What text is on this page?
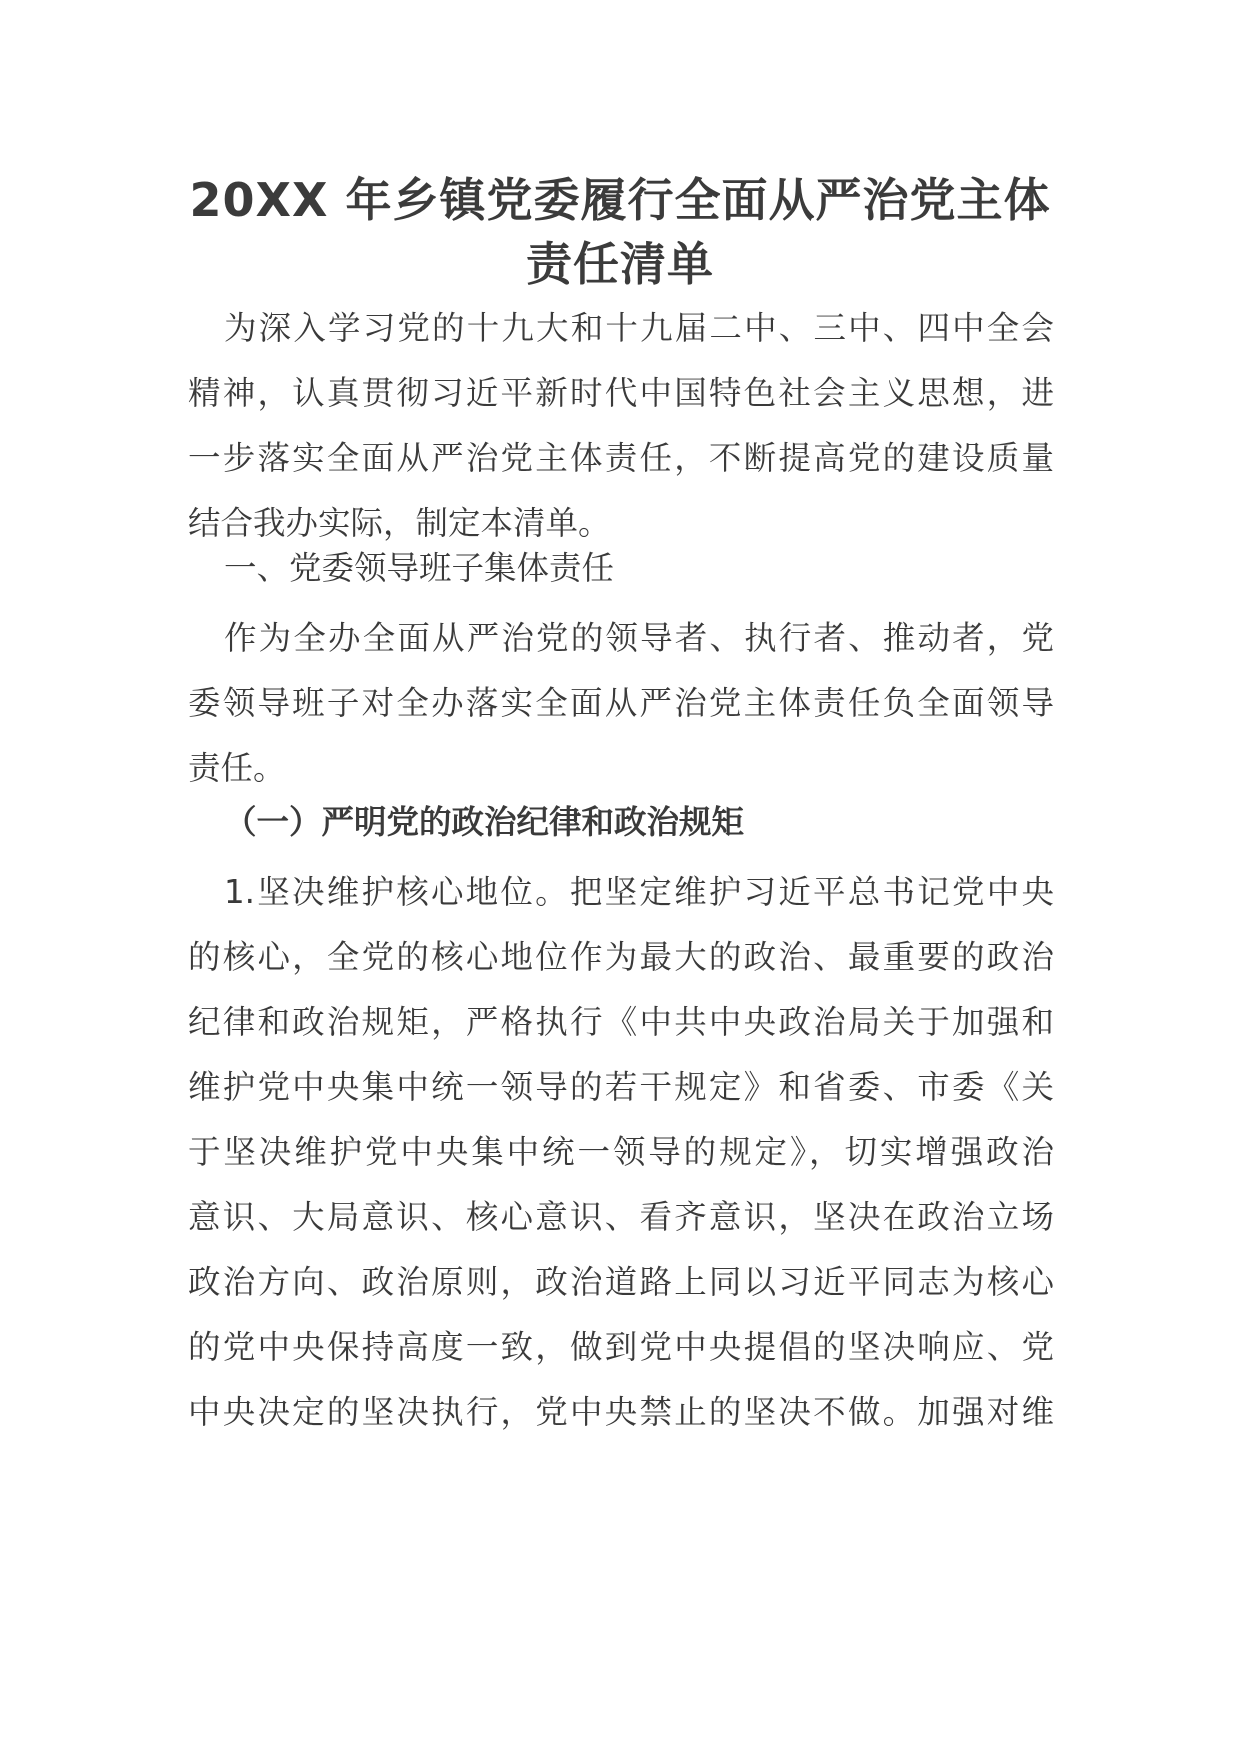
20XX 年乡镇党委履行全面从严治党主体
责任清单
为深入学习党的十九大和十九届二中、三中、四中全会
精神，认真贯彻习近平新时代中国特色社会主义思想，进
一步落实全面从严治党主体责任，不断提高党的建设质量
结合我办实际，制定本清单。
一、党委领导班子集体责任
作为全办全面从严治党的领导者、执行者、推动者，党
委领导班子对全办落实全面从严治党主体责任负全面领导
责任。
（一）严明党的政治纪律和政治规矩
1.坚决维护核心地位。把坚定维护习近平总书记党中央
的核心，全党的核心地位作为最大的政治、最重要的政治
纪律和政治规矩，严格执行《中共中央政治局关于加强和
维护党中央集中统一领导的若干规定》和省委、市委《关
于坚决维护党中央集中统一领导的规定》，切实增强政治
意识、大局意识、核心意识、看齐意识，坚决在政治立场
政治方向、政治原则，政治道路上同以习近平同志为核心
的党中央保持高度一致，做到党中央提倡的坚决响应、党
中央决定的坚决执行，党中央禁止的坚决不做。加强对维
